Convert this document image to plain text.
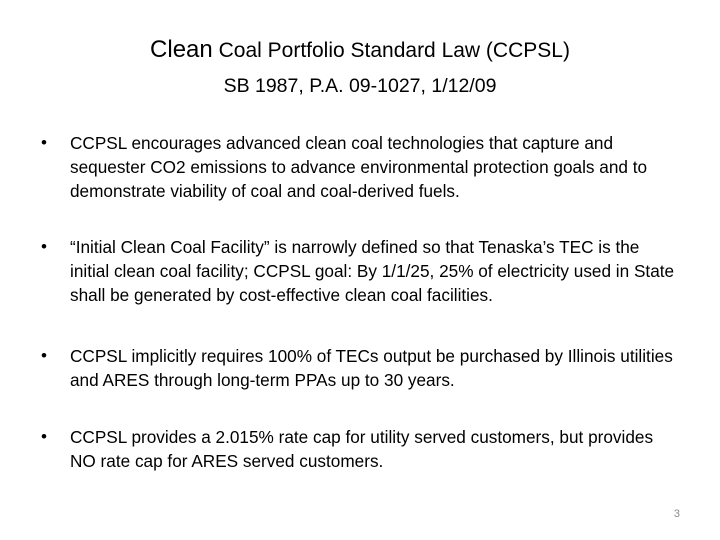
Clean Coal Portfolio Standard Law (CCPSL)
SB 1987, P.A. 09-1027, 1/12/09
•	CCPSL encourages advanced clean coal technologies that capture and sequester CO2 emissions to advance environmental protection goals and to demonstrate viability of coal and coal-derived fuels.
•	“Initial Clean Coal Facility” is narrowly defined so that Tenaska’s TEC is the initial clean coal facility; CCPSL goal: By 1/1/25, 25% of electricity used in State shall be generated by cost-effective clean coal facilities.
•	CCPSL implicitly requires 100% of TECs output be purchased by Illinois utilities and ARES through long-term PPAs up to 30 years.
•	CCPSL provides a 2.015% rate cap for utility served customers, but provides NO rate cap for ARES served customers.
3
